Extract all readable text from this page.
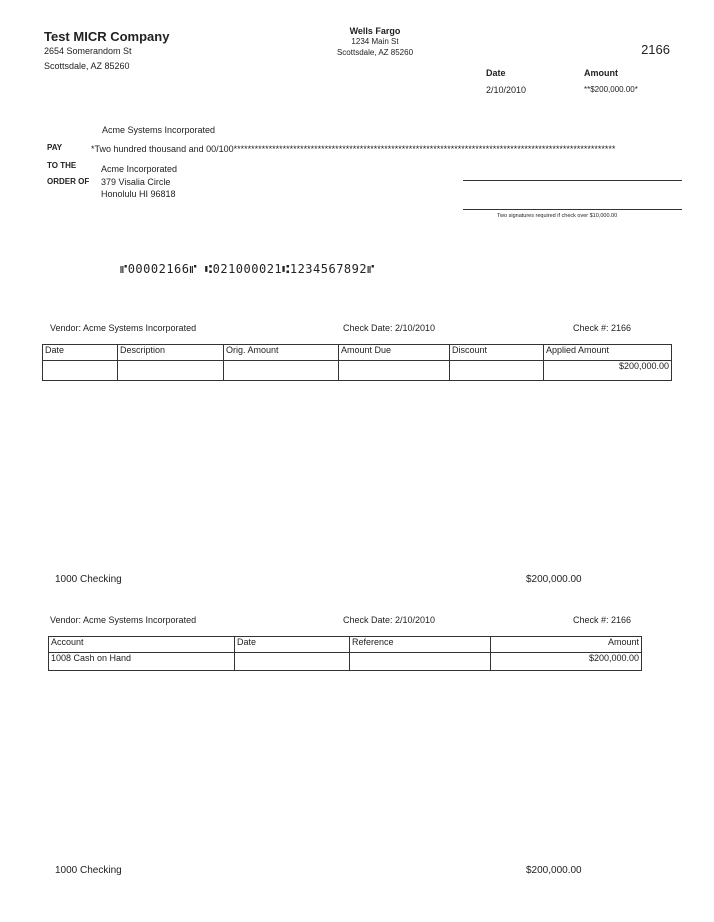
Test MICR Company
2654 Somerandom St
Scottsdale, AZ 85260
Wells Fargo
1234 Main St
Scottsdale, AZ 85260	2166
Date	Amount
2/10/2010	**$200,000.00*
Acme Systems Incorporated
PAY	*Two hundred thousand and 00/100*************************************************************************************************************
TO THE
ORDER OF
Acme Incorporated
379 Visalia Circle
Honolulu HI 96818
Two signatures required if check over $10,000.00
⑈00002166⑈ ⑆021000021⑆1234567892⑈
Vendor: Acme Systems Incorporated	Check Date: 2/10/2010	Check #: 2166
Date	Description	Orig. Amount	Amount Due	Discount	Applied Amount
					$200,000.00
1000 Checking	$200,000.00
Vendor: Acme Systems Incorporated	Check Date: 2/10/2010	Check #: 2166
Account	Date	Reference	Amount
1008 Cash on Hand			$200,000.00
1000 Checking	$200,000.00
